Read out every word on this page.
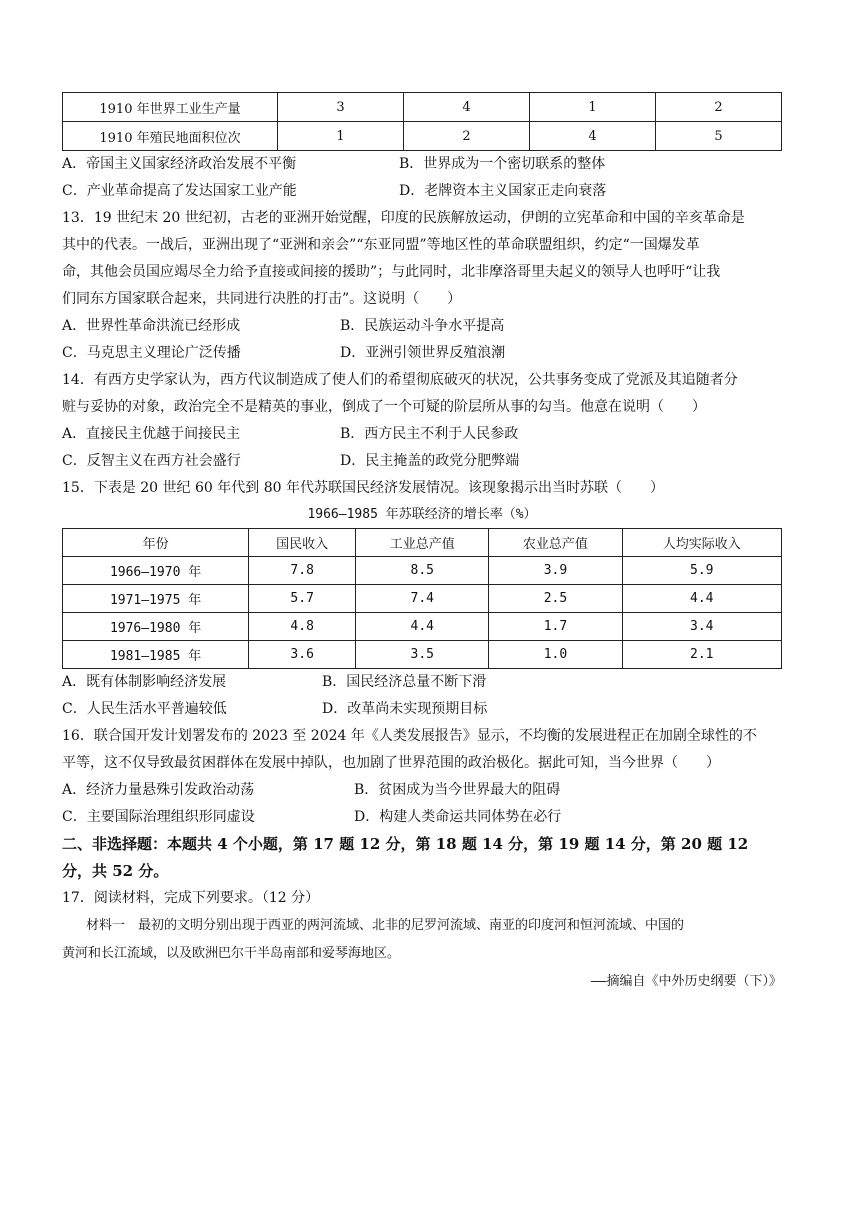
1910 年世界工业生产量	3	4	1	2
1910 年殖民地面积位次	1	2	4	5
A．帝国主义国家经济政治发展不平衡	B．世界成为一个密切联系的整体
C．产业革命提高了发达国家工业产能	D．老牌资本主义国家正走向衰落
13．19 世纪末 20 世纪初，古老的亚洲开始觉醒，印度的民族解放运动，伊朗的立宪革命和中国的辛亥革命是
其中的代表。一战后，亚洲出现了“亚洲和亲会”“东亚同盟”等地区性的革命联盟组织，约定“一国爆发革
命，其他会员国应竭尽全力给予直接或间接的援助”；与此同时，北非摩洛哥里夫起义的领导人也呼吁“让我
们同东方国家联合起来，共同进行决胜的打击”。这说明（　　）
A．世界性革命洪流已经形成	B．民族运动斗争水平提高
C．马克思主义理论广泛传播	D．亚洲引领世界反殖浪潮
14．有西方史学家认为，西方代议制造成了使人们的希望彻底破灭的状况，公共事务变成了党派及其追随者分
赃与妥协的对象，政治完全不是精英的事业，倒成了一个可疑的阶层所从事的勾当。他意在说明（　　）
A．直接民主优越于间接民主	B．西方民主不利于人民参政
C．反智主义在西方社会盛行	D．民主掩盖的政党分肥弊端
15．下表是 20 世纪 60 年代到 80 年代苏联国民经济发展情况。该现象揭示出当时苏联（　　）
1966—1985 年苏联经济的增长率（%）
年份	国民收入	工业总产值	农业总产值	人均实际收入
1966—1970 年	7.8	8.5	3.9	5.9
1971—1975 年	5.7	7.4	2.5	4.4
1976—1980 年	4.8	4.4	1.7	3.4
1981—1985 年	3.6	3.5	1.0	2.1
A．既有体制影响经济发展	B．国民经济总量不断下滑
C．人民生活水平普遍较低	D．改革尚未实现预期目标
16．联合国开发计划署发布的 2023 至 2024 年《人类发展报告》显示，不均衡的发展进程正在加剧全球性的不
平等，这不仅导致最贫困群体在发展中掉队，也加剧了世界范围的政治极化。据此可知，当今世界（　　）
A．经济力量悬殊引发政治动荡	B．贫困成为当今世界最大的阻碍
C．主要国际治理组织形同虚设	D．构建人类命运共同体势在必行
二、非选择题：本题共 4 个小题，第 17 题 12 分，第 18 题 14 分，第 19 题 14 分，第 20 题 12
分，共 52 分。
17．阅读材料，完成下列要求。（12 分）
材料一　最初的文明分别出现于西亚的两河流域、北非的尼罗河流域、南亚的印度河和恒河流域、中国的
黄河和长江流域，以及欧洲巴尔干半岛南部和爱琴海地区。
——摘编自《中外历史纲要（下）》
